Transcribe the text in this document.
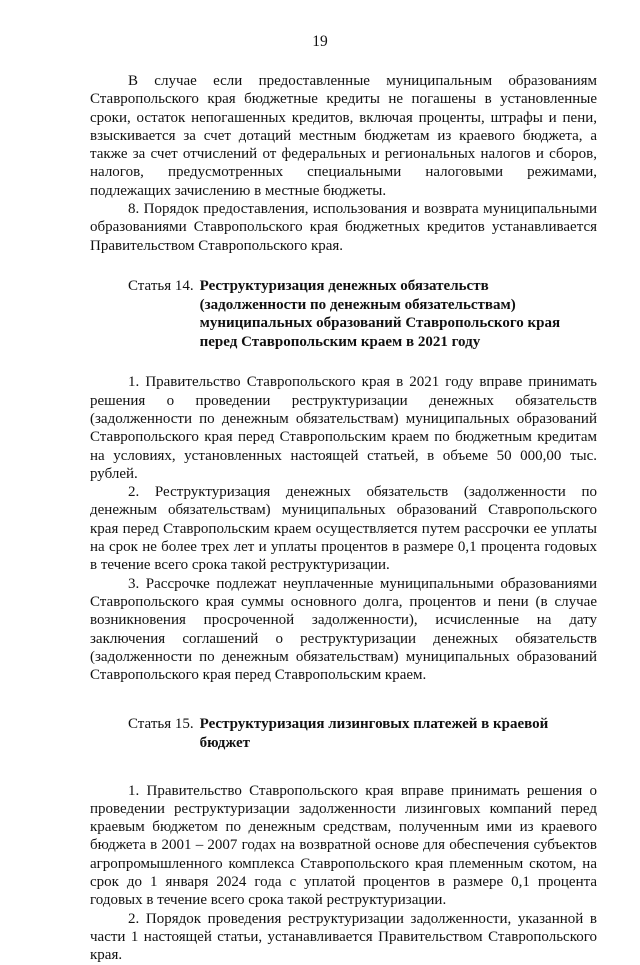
19

В случае если предоставленные муниципальным образованиям Ставропольского края бюджетные кредиты не погашены в установленные сроки, остаток непогашенных кредитов, включая проценты, штрафы и пени, взыскивается за счет дотаций местным бюджетам из краевого бюджета, а также за счет отчислений от федеральных и региональных налогов и сборов, налогов, предусмотренных специальными налоговыми режимами, подлежащих зачислению в местные бюджеты.

8. Порядок предоставления, использования и возврата муниципальными образованиями Ставропольского края бюджетных кредитов устанавливается Правительством Ставропольского края.

Статья 14. Реструктуризация денежных обязательств (задолженности по денежным обязательствам) муниципальных образований Ставропольского края перед Ставропольским краем в 2021 году

1. Правительство Ставропольского края в 2021 году вправе принимать решения о проведении реструктуризации денежных обязательств (задолженности по денежным обязательствам) муниципальных образований Ставропольского края перед Ставропольским краем по бюджетным кредитам на условиях, установленных настоящей статьей, в объеме 50 000,00 тыс. рублей.

2. Реструктуризация денежных обязательств (задолженности по денежным обязательствам) муниципальных образований Ставропольского края перед Ставропольским краем осуществляется путем рассрочки ее уплаты на срок не более трех лет и уплаты процентов в размере 0,1 процента годовых в течение всего срока такой реструктуризации.

3. Рассрочке подлежат неуплаченные муниципальными образованиями Ставропольского края суммы основного долга, процентов и пени (в случае возникновения просроченной задолженности), исчисленные на дату заключения соглашений о реструктуризации денежных обязательств (задолженности по денежным обязательствам) муниципальных образований Ставропольского края перед Ставропольским краем.

Статья 15. Реструктуризация лизинговых платежей в краевой бюджет

1. Правительство Ставропольского края вправе принимать решения о проведении реструктуризации задолженности лизинговых компаний перед краевым бюджетом по денежным средствам, полученным ими из краевого бюджета в 2001 – 2007 годах на возвратной основе для обеспечения субъектов агропромышленного комплекса Ставропольского края племенным скотом, на срок до 1 января 2024 года с уплатой процентов в размере 0,1 процента годовых в течение всего срока такой реструктуризации.

2. Порядок проведения реструктуризации задолженности, указанной в части 1 настоящей статьи, устанавливается Правительством Ставропольского края.
